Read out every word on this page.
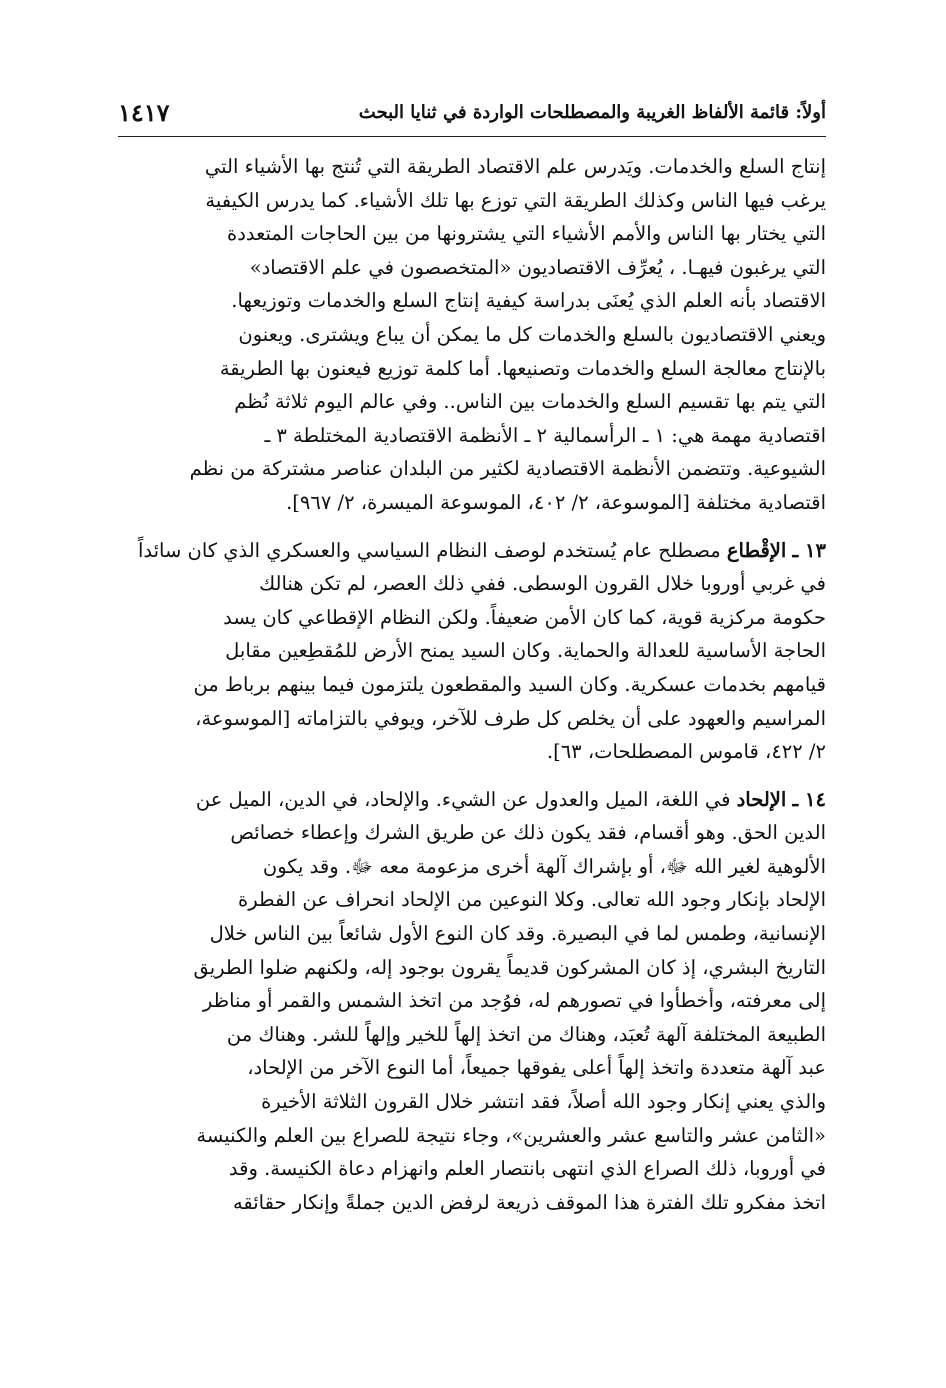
أولاً: قائمة الألفاظ الغريبة والمصطلحات الواردة في ثنايا البحث
١٤١٧
إنتاج السلع والخدمات. ويَدرس علم الاقتصاد الطريقة التي تُنتج بها الأشياء التي
يرغب فيها الناس وكذلك الطريقة التي توزع بها تلك الأشياء. كما يدرس الكيفية
التي يختار بها الناس والأمم الأشياء التي يشترونها من بين الحاجات المتعددة
التي يرغبون فيهـا. ، يُعرِّف الاقتصاديون «المتخصصون في علم الاقتصاد»
الاقتصاد بأنه العلم الذي يُعنَى بدراسة كيفية إنتاج السلع والخدمات وتوزيعها.
ويعني الاقتصاديون بالسلع والخدمات كل ما يمكن أن يباع ويشترى. ويعنون
بالإنتاج معالجة السلع والخدمات وتصنيعها. أما كلمة توزيع فيعنون بها الطريقة
التي يتم بها تقسيم السلع والخدمات بين الناس.. وفي عالم اليوم ثلاثة نُظم
اقتصادية مهمة هي: ١ ـ الرأسمالية ٢ ـ الأنظمة الاقتصادية المختلطة ٣ ـ
الشيوعية. وتتضمن الأنظمة الاقتصادية لكثير من البلدان عناصر مشتركة من نظم
اقتصادية مختلفة [الموسوعة، ٢/ ٤٠٢، الموسوعة الميسرة، ٢/ ٩٦٧].
١٣ ـ الإقْطاع مصطلح عام يُستخدم لوصف النظام السياسي والعسكري الذي كان سائداً
في غربي أوروبا خلال القرون الوسطى. ففي ذلك العصر، لم تكن هنالك
حكومة مركزية قوية، كما كان الأمن ضعيفاً. ولكن النظام الإقطاعي كان يسد
الحاجة الأساسية للعدالة والحماية. وكان السيد يمنح الأرض للمُقطِعين مقابل
قيامهم بخدمات عسكرية. وكان السيد والمقطعون يلتزمون فيما بينهم برباط من
المراسيم والعهود على أن يخلص كل طرف للآخر، ويوفي بالتزاماته [الموسوعة،
٢/ ٤٢٢، قاموس المصطلحات، ٦٣].
١٤ ـ الإلحاد في اللغة، الميل والعدول عن الشيء. والإلحاد، في الدين، الميل عن
الدين الحق. وهو أقسام، فقد يكون ذلك عن طريق الشرك وإعطاء خصائص
الألوهية لغير الله ﷻ، أو بإشراك آلهة أخرى مزعومة معه ﷻ. وقد يكون
الإلحاد بإنكار وجود الله تعالى. وكلا النوعين من الإلحاد انحراف عن الفطرة
الإنسانية، وطمس لما في البصيرة. وقد كان النوع الأول شائعاً بين الناس خلال
التاريخ البشري، إذ كان المشركون قديماً يقرون بوجود إله، ولكنهم ضلوا الطريق
إلى معرفته، وأخطأوا في تصورهم له، فوُجد من اتخذ الشمس والقمر أو مناظر
الطبيعة المختلفة آلهة تُعبَد، وهناك من اتخذ إلهاً للخير وإلهاً للشر. وهناك من
عبد آلهة متعددة واتخذ إلهاً أعلى يفوقها جميعاً، أما النوع الآخر من الإلحاد،
والذي يعني إنكار وجود الله أصلاً، فقد انتشر خلال القرون الثلاثة الأخيرة
«الثامن عشر والتاسع عشر والعشرين»، وجاء نتيجة للصراع بين العلم والكنيسة
في أوروبا، ذلك الصراع الذي انتهى بانتصار العلم وانهزام دعاة الكنيسة. وقد
اتخذ مفكرو تلك الفترة هذا الموقف ذريعة لرفض الدين جملةً وإنكار حقائقه
